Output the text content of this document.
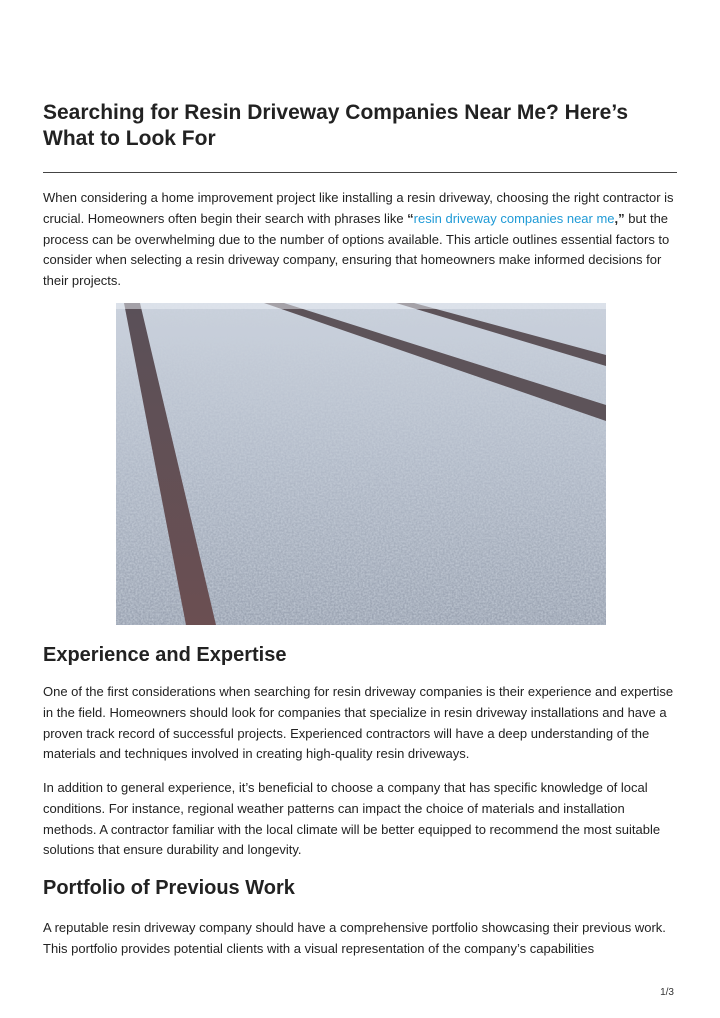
Searching for Resin Driveway Companies Near Me? Here’s What to Look For

When considering a home improvement project like installing a resin driveway, choosing the right contractor is crucial. Homeowners often begin their search with phrases like “resin driveway companies near me,” but the process can be overwhelming due to the number of options available. This article outlines essential factors to consider when selecting a resin driveway company, ensuring that homeowners make informed decisions for their projects.

Experience and Expertise

One of the first considerations when searching for resin driveway companies is their experience and expertise in the field. Homeowners should look for companies that specialize in resin driveway installations and have a proven track record of successful projects. Experienced contractors will have a deep understanding of the materials and techniques involved in creating high-quality resin driveways.

In addition to general experience, it’s beneficial to choose a company that has specific knowledge of local conditions. For instance, regional weather patterns can impact the choice of materials and installation methods. A contractor familiar with the local climate will be better equipped to recommend the most suitable solutions that ensure durability and longevity.

Portfolio of Previous Work

A reputable resin driveway company should have a comprehensive portfolio showcasing their previous work. This portfolio provides potential clients with a visual representation of the company’s capabilities

1/3
